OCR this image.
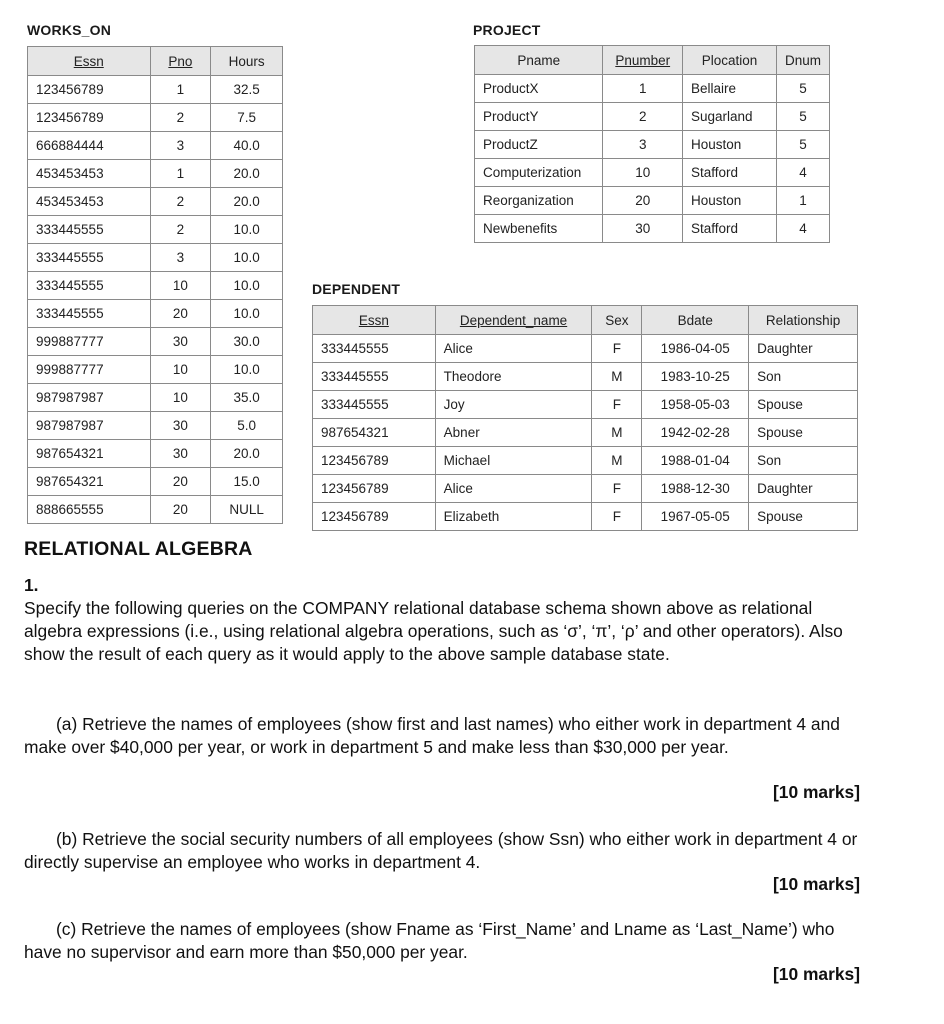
WORKS_ON
Essn	Pno	Hours
123456789	1	32.5
123456789	2	7.5
666884444	3	40.0
453453453	1	20.0
453453453	2	20.0
333445555	2	10.0
333445555	3	10.0
333445555	10	10.0
333445555	20	10.0
999887777	30	30.0
999887777	10	10.0
987987987	10	35.0
987987987	30	5.0
987654321	30	20.0
987654321	20	15.0
888665555	20	NULL
PROJECT
Pname	Pnumber	Plocation	Dnum
ProductX	1	Bellaire	5
ProductY	2	Sugarland	5
ProductZ	3	Houston	5
Computerization	10	Stafford	4
Reorganization	20	Houston	1
Newbenefits	30	Stafford	4
DEPENDENT
Essn	Dependent_name	Sex	Bdate	Relationship
333445555	Alice	F	1986-04-05	Daughter
333445555	Theodore	M	1983-10-25	Son
333445555	Joy	F	1958-05-03	Spouse
987654321	Abner	M	1942-02-28	Spouse
123456789	Michael	M	1988-01-04	Son
123456789	Alice	F	1988-12-30	Daughter
123456789	Elizabeth	F	1967-05-05	Spouse
RELATIONAL ALGEBRA
1.
Specify the following queries on the COMPANY relational database schema shown above as relational algebra expressions (i.e., using relational algebra operations, such as ‘σ’, ‘π’, ‘ρ’ and other operators). Also show the result of each query as it would apply to the above sample database state.
(a) Retrieve the names of employees (show first and last names) who either work in department 4 and make over $40,000 per year, or work in department 5 and make less than $30,000 per year.
[10 marks]
(b) Retrieve the social security numbers of all employees (show Ssn) who either work in department 4 or directly supervise an employee who works in department 4.
[10 marks]
(c) Retrieve the names of employees (show Fname as ‘First_Name’ and Lname as ‘Last_Name’) who have no supervisor and earn more than $50,000 per year.
[10 marks]
